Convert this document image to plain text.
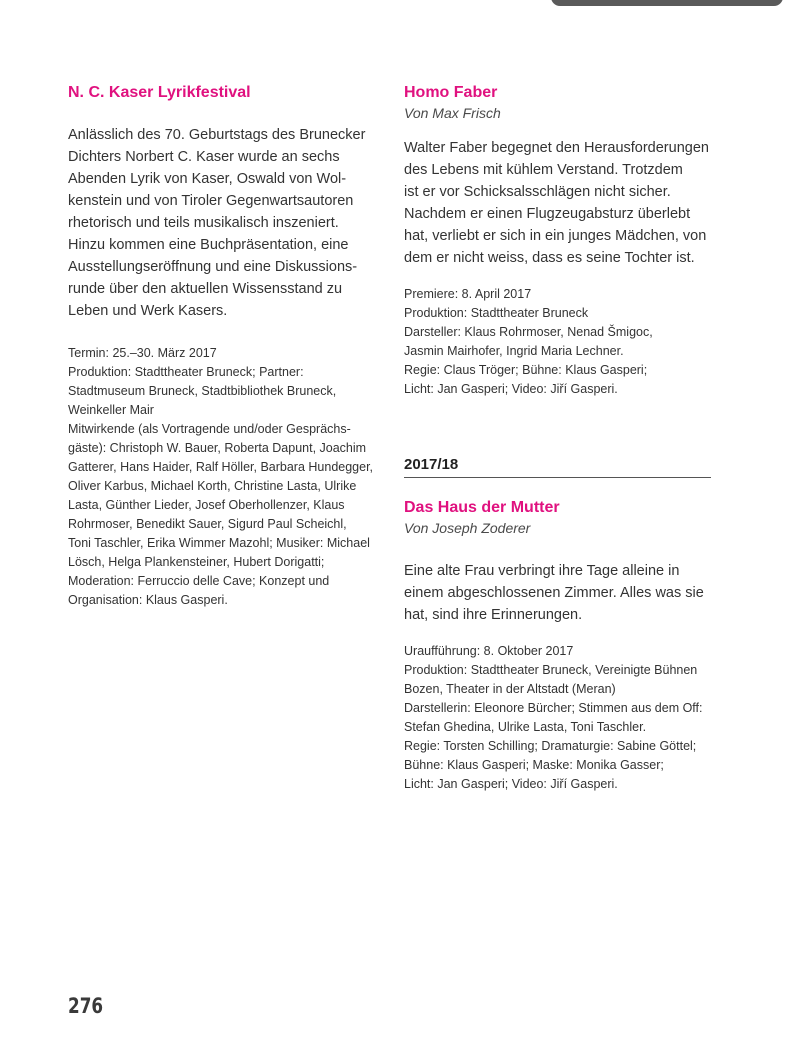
N. C. Kaser Lyrikfestival
Anlässlich des 70. Geburtstags des Brunecker
Dichters Norbert C. Kaser wurde an sechs
Abenden Lyrik von Kaser, Oswald von Wol-
kenstein und von Tiroler Gegenwartsautoren
rhetorisch und teils musikalisch inszeniert.
Hinzu kommen eine Buchpräsentation, eine
Ausstellungseröffnung und eine Diskussions-
runde über den aktuellen Wissensstand zu
Leben und Werk Kasers.
Termin: 25.–30. März 2017
Produktion: Stadttheater Bruneck; Partner:
Stadtmuseum Bruneck, Stadtbibliothek Bruneck,
Weinkeller Mair
Mitwirkende (als Vortragende und/oder Gesprächs-
gäste): Christoph W. Bauer, Roberta Dapunt, Joachim
Gatterer, Hans Haider, Ralf Höller, Barbara Hundegger,
Oliver Karbus, Michael Korth, Christine Lasta, Ulrike
Lasta, Günther Lieder, Josef Oberhollenzer, Klaus
Rohrmoser, Benedikt Sauer, Sigurd Paul Scheichl,
Toni Taschler, Erika Wimmer Mazohl; Musiker: Michael
Lösch, Helga Plankensteiner, Hubert Dorigatti;
Moderation: Ferruccio delle Cave; Konzept und
Organisation: Klaus Gasperi.
Homo Faber

Von Max Frisch

Walter Faber begegnet den Herausforderungen
des Lebens mit kühlem Verstand. Trotzdem
ist er vor Schicksalsschlägen nicht sicher.
Nachdem er einen Flugzeugabsturz überlebt
hat, verliebt er sich in ein junges Mädchen, von
dem er nicht weiss, dass es seine Tochter ist.
Premiere: 8. April 2017
Produktion: Stadttheater Bruneck
Darsteller: Klaus Rohrmoser, Nenad Šmigoc,
Jasmin Mairhofer, Ingrid Maria Lechner.
Regie: Claus Tröger; Bühne: Klaus Gasperi;
Licht: Jan Gasperi; Video: Jiří Gasperi.
2017/18
Das Haus der Mutter

Von Joseph Zoderer

Eine alte Frau verbringt ihre Tage alleine in
einem abgeschlossenen Zimmer. Alles was sie
hat, sind ihre Erinnerungen.
Uraufführung: 8. Oktober 2017
Produktion: Stadttheater Bruneck, Vereinigte Bühnen
Bozen, Theater in der Altstadt (Meran)
Darstellerin: Eleonore Bürcher; Stimmen aus dem Off:
Stefan Ghedina, Ulrike Lasta, Toni Taschler.
Regie: Torsten Schilling; Dramaturgie: Sabine Göttel;
Bühne: Klaus Gasperi; Maske: Monika Gasser;
Licht: Jan Gasperi; Video: Jiří Gasperi.
276
